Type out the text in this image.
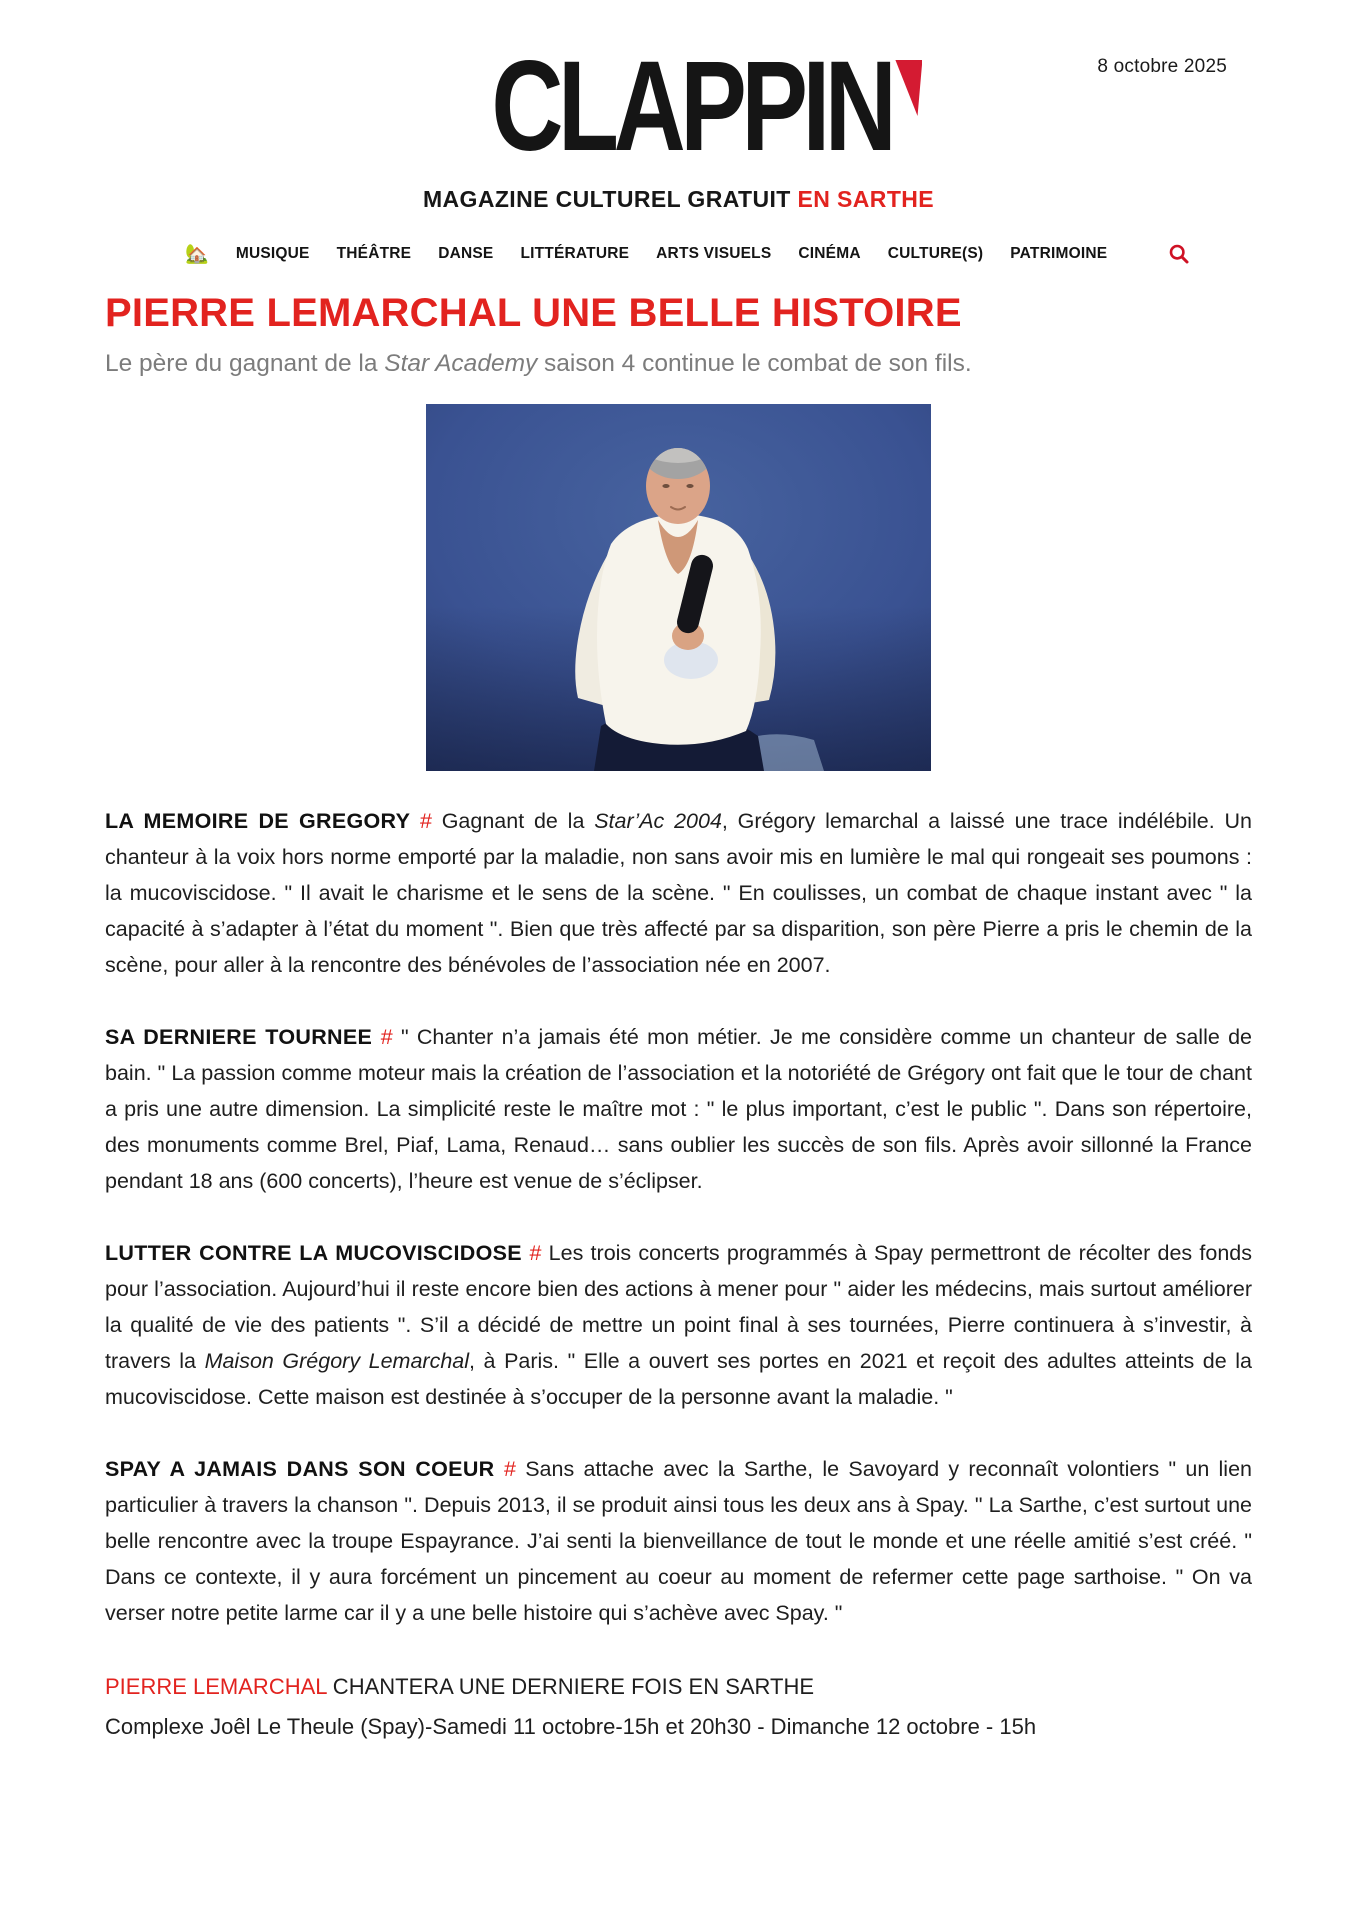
8 octobre 2025
CLAPPIN
MAGAZINE CULTUREL GRATUIT EN SARTHE
🏡 MUSIQUE THÉÂTRE DANSE LITTÉRATURE ARTS VISUELS CINÉMA CULTURE(S) PATRIMOINE
PIERRE LEMARCHAL UNE BELLE HISTOIRE

Le père du gagnant de la Star Academy saison 4 continue le combat de son fils.

LA MEMOIRE DE GREGORY # Gagnant de la Star’Ac 2004, Grégory lemarchal a laissé une trace indélébile. Un chanteur à la voix hors norme emporté par la maladie, non sans avoir mis en lumière le mal qui rongeait ses poumons : la mucoviscidose. " Il avait le charisme et le sens de la scène. " En coulisses, un combat de chaque instant avec " la capacité à s’adapter à l’état du moment ". Bien que très affecté par sa disparition, son père Pierre a pris le chemin de la scène, pour aller à la rencontre des bénévoles de l’association née en 2007.

SA DERNIERE TOURNEE # " Chanter n’a jamais été mon métier. Je me considère comme un chanteur de salle de bain. " La passion comme moteur mais la création de l’association et la notoriété de Grégory ont fait que le tour de chant a pris une autre dimension. La simplicité reste le maître mot : " le plus important, c’est le public ". Dans son répertoire, des monuments comme Brel, Piaf, Lama, Renaud… sans oublier les succès de son fils. Après avoir sillonné la France pendant 18 ans (600 concerts), l’heure est venue de s’éclipser.

LUTTER CONTRE LA MUCOVISCIDOSE # Les trois concerts programmés à Spay permettront de récolter des fonds pour l’association. Aujourd’hui il reste encore bien des actions à mener pour " aider les médecins, mais surtout améliorer la qualité de vie des patients ". S’il a décidé de mettre un point final à ses tournées, Pierre continuera à s’investir, à travers la Maison Grégory Lemarchal, à Paris. " Elle a ouvert ses portes en 2021 et reçoit des adultes atteints de la mucoviscidose. Cette maison est destinée à s’occuper de la personne avant la maladie. "

SPAY A JAMAIS DANS SON COEUR # Sans attache avec la Sarthe, le Savoyard y reconnaît volontiers " un lien particulier à travers la chanson ". Depuis 2013, il se produit ainsi tous les deux ans à Spay. " La Sarthe, c’est surtout une belle rencontre avec la troupe Espayrance. J’ai senti la bienveillance de tout le monde et une réelle amitié s’est créé. " Dans ce contexte, il y aura forcément un pincement au coeur au moment de refermer cette page sarthoise. " On va verser notre petite larme car il y a une belle histoire qui s’achève avec Spay. "

PIERRE LEMARCHAL CHANTERA UNE DERNIERE FOIS EN SARTHE

Complexe Joêl Le Theule (Spay)-Samedi 11 octobre-15h et 20h30 - Dimanche 12 octobre - 15h
